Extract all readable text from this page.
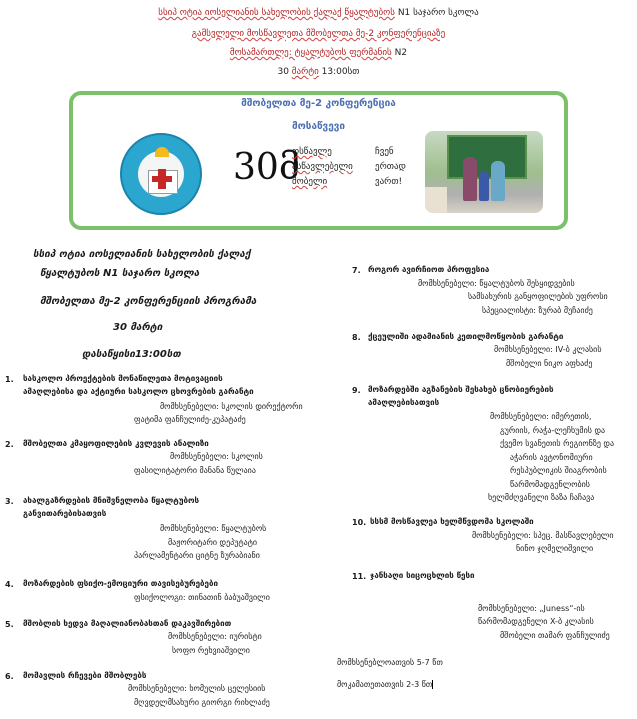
სსიპ ოტია იოსელიანის სახელობის ქალაქ წყალტუბოს N1 საჯარო სკოლა
გამსვლელი მოსწავლეთა მშობელთა მე-2 კონფერენციაზე
მოსამართლე: ტყალტუბოს ფერმანის N2
30 მარტი 13:00სთ
მშობელთა მე-2 კონფერენცია
მოსაწვევი
30მ
ოსწავლე
ასწავლებელი
შობელი
ჩვენ
ერთად
ვართ!
სსიპ ოტია იოსელიანის სახელობის ქალაქ
წყალტუბოს N1 საჯარო სკოლა
მშობელთა მე-2 კონფერენციის პროგრამა
30 მარტი
დასაწყისი13:00სთ
1. სასკოლო პროექტების მონაწილეთა მოტივაციის
ამაღლებისა და აქტიური სასკოლო ცხოვრების გარანტი
მომხსენებელი: სკოლის დირექტორი
ფატიმა ფანჩულიძე-კუპატაძე
2. მშობელთა კმაყოფილების კვლევის ანალიზი
მომხსენებელი: სკოლის
ფასილიტატორი მანანა წულაია
3. ახალგაზრდების მნიშვნელობა წყალტუბოს
განვითარებისათვის
მომხსენებელი: წყალტუბოს
მაჟორიტარი დეპუტატი
პარლამენტარი ციტნე ზურაბიანი
4. მოზარდების ფსიქო-ემოციური თავისებურებები
ფსიქოლოგი: თინათინ ბაბუაშვილი
5. მშობლის ხედვა მაღალიანობასთან დაკავშირებით
მომხსენებელი: იურისტი
სოფო რეხვიაშვილი
6. მომავლის რჩევები მშობლებს
მომხსენებელი: ხომულის ცელესიის
მღვდელმსახური გიორგი რიხლაძე
7. როგორ ავირჩიოთ პროფესია
მომხსენებელი: წყალტუბოს შესყიდვების
სამსახურის განყოფილების უფროსი
სპეციალისტი: ზურაბ მუჩაიძე
8. ქცეულიში ადამიანის კეთილმოწყობის გარანტი
მომხსენებელი: IV-ბ კლასის
მშობელი ნიკო აფხაძე
9. მოზარდებში აგზანების შესახებ ცნობიერების
ამაღლებისათვის
მომხსენებელი: იმერეთის,
გურიის, რაჭა-ლეჩხუმის და
ქვემო სვანეთის რეგიონზე და
აჭარის ავტონომიური
რესპუბლიკის შიაგრობის
წარმომადგენლობის
ხელმძღვანელი ზაზა ჩაჩავა
10. სსსმ მოსწავლეა ხელმწვდომა სკოლაში
მომხსენებელი: სპეც. მასწავლებელი
ნინო ჯღმელიშვილი
11. ჯანსაღი სიცოცხლის წესი
მომხსენებელი: „Juness“-ის
წარმომადგენელი X-ბ კლასის
მშობელი თამარ ფანჩულიძე
მომხსენებლოათვის 5-7 წთ
მოკამათეთათვის 2-3 წთ
